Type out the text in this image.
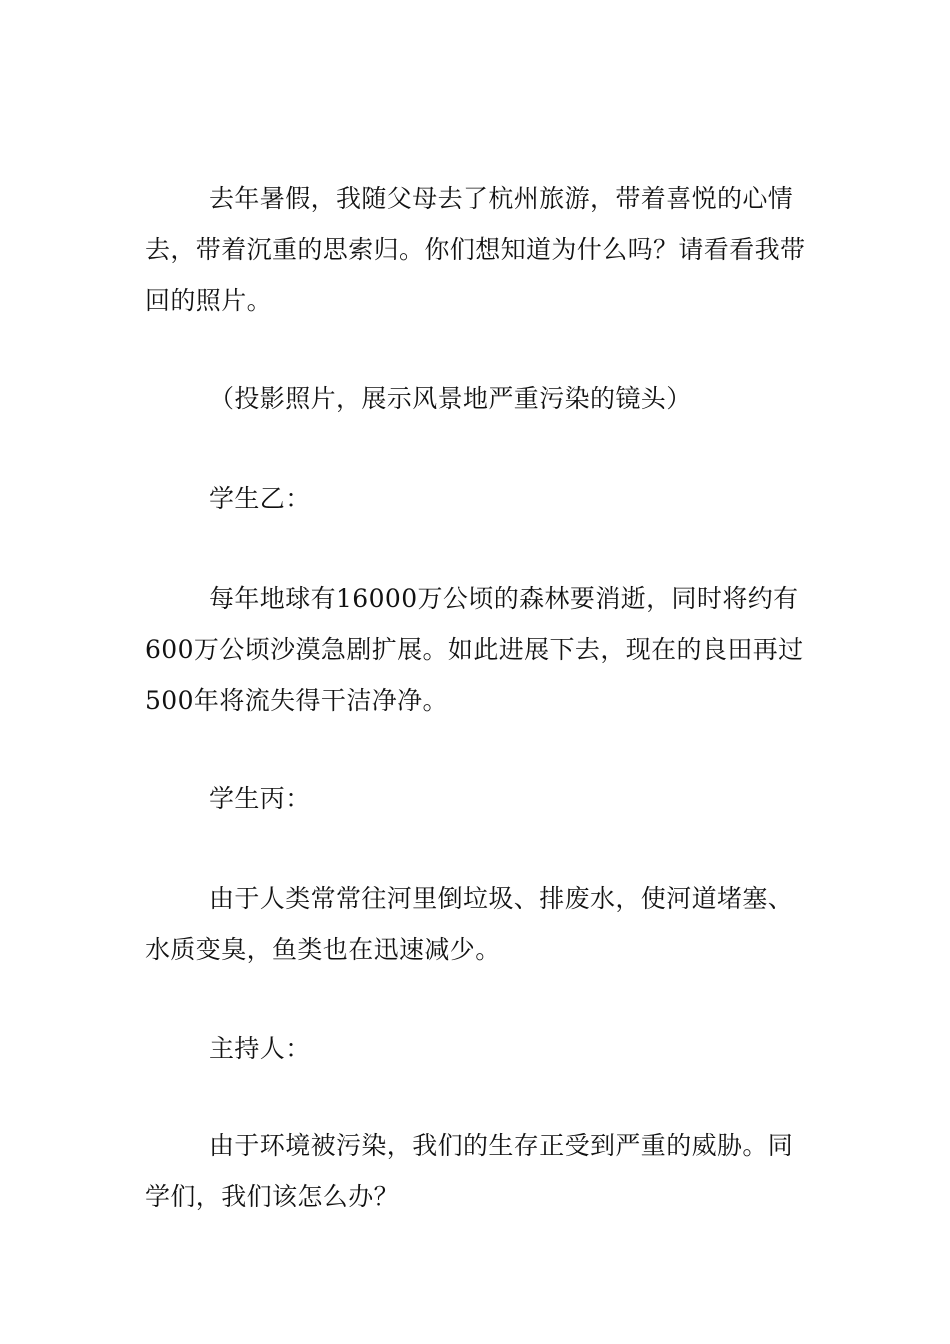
去年暑假，我随父母去了杭州旅游，带着喜悦的心情去，带着沉重的思索归。你们想知道为什么吗？请看看我带回的照片。

（投影照片，展示风景地严重污染的镜头）

学生乙：

每年地球有16000万公顷的森林要消逝，同时将约有600万公顷沙漠急剧扩展。如此进展下去，现在的良田再过500年将流失得干洁净净。

学生丙：

由于人类常常往河里倒垃圾、排废水，使河道堵塞、水质变臭，鱼类也在迅速减少。

主持人：

由于环境被污染，我们的生存正受到严重的威胁。同学们，我们该怎么办？
